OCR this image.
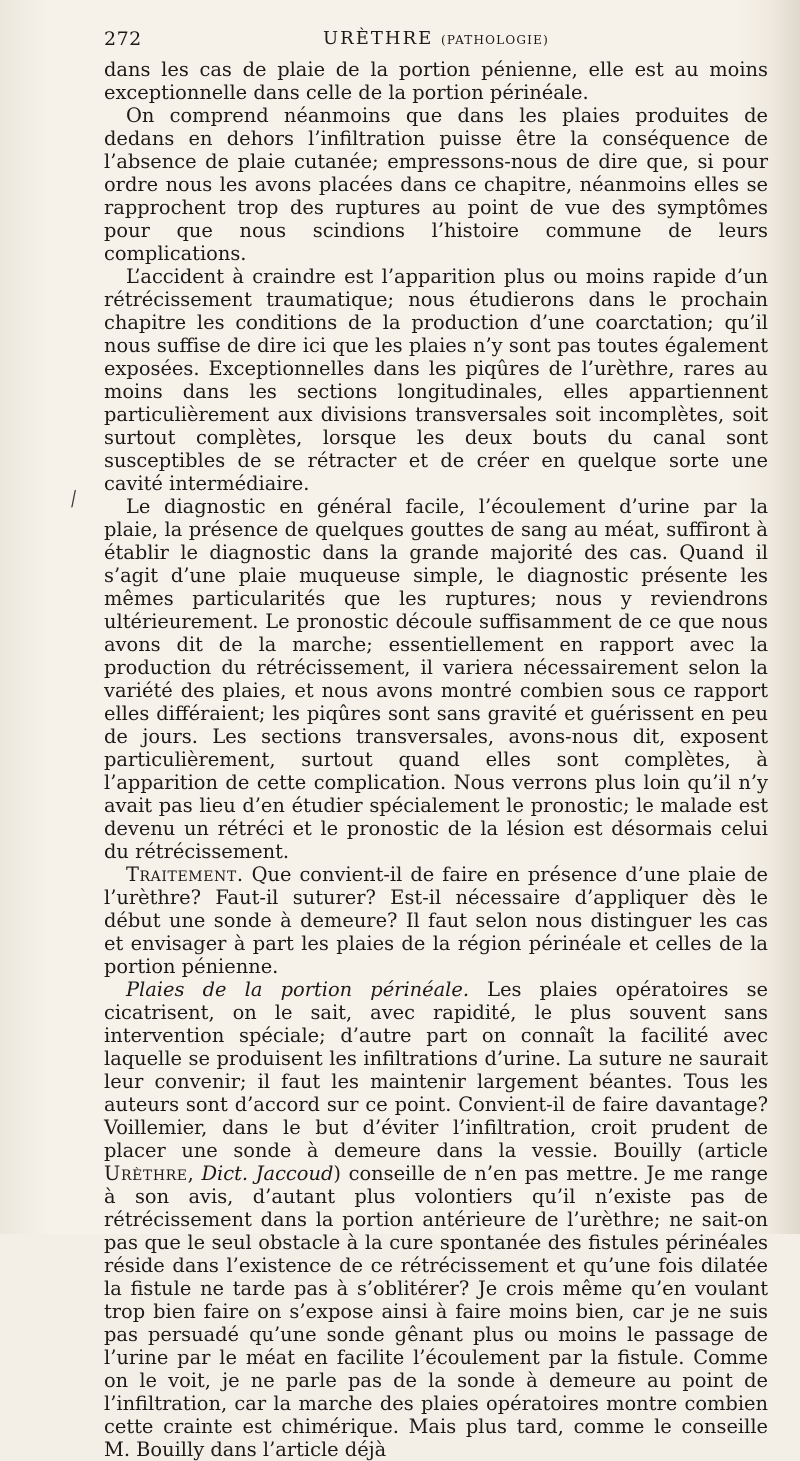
272	URÈTHRE (PATHOLOGIE)
⁄

dans les cas de plaie de la portion pénienne, elle est au moins exceptionnelle dans celle de la portion périnéale.

On comprend néanmoins que dans les plaies produites de dedans en dehors l’infiltration puisse être la conséquence de l’absence de plaie cutanée; empressons-nous de dire que, si pour ordre nous les avons placées dans ce chapitre, néanmoins elles se rapprochent trop des ruptures au point de vue des symptômes pour que nous scindions l’histoire commune de leurs complications.

L’accident à craindre est l’apparition plus ou moins rapide d’un rétrécissement traumatique; nous étudierons dans le prochain chapitre les conditions de la production d’une coarctation; qu’il nous suffise de dire ici que les plaies n’y sont pas toutes également exposées. Exceptionnelles dans les piqûres de l’urèthre, rares au moins dans les sections longitudinales, elles appartiennent particulièrement aux divisions transversales soit incomplètes, soit surtout complètes, lorsque les deux bouts du canal sont susceptibles de se rétracter et de créer en quelque sorte une cavité intermédiaire.

Le diagnostic en général facile, l’écoulement d’urine par la plaie, la présence de quelques gouttes de sang au méat, suffiront à établir le diagnostic dans la grande majorité des cas. Quand il s’agit d’une plaie muqueuse simple, le diagnostic présente les mêmes particularités que les ruptures; nous y reviendrons ultérieurement. Le pronostic découle suffisamment de ce que nous avons dit de la marche; essentiellement en rapport avec la production du rétrécissement, il variera nécessairement selon la variété des plaies, et nous avons montré combien sous ce rapport elles différaient; les piqûres sont sans gravité et guérissent en peu de jours. Les sections transversales, avons-nous dit, exposent particulièrement, surtout quand elles sont complètes, à l’apparition de cette complication. Nous verrons plus loin qu’il n’y avait pas lieu d’en étudier spécialement le pronostic; le malade est devenu un rétréci et le pronostic de la lésion est désormais celui du rétrécissement.

Traitement. Que convient-il de faire en présence d’une plaie de l’urèthre? Faut-il suturer? Est-il nécessaire d’appliquer dès le début une sonde à demeure? Il faut selon nous distinguer les cas et envisager à part les plaies de la région périnéale et celles de la portion pénienne.

Plaies de la portion périnéale. Les plaies opératoires se cicatrisent, on le sait, avec rapidité, le plus souvent sans intervention spéciale; d’autre part on connaît la facilité avec laquelle se produisent les infiltrations d’urine. La suture ne saurait leur convenir; il faut les maintenir largement béantes. Tous les auteurs sont d’accord sur ce point. Convient-il de faire davantage? Voillemier, dans le but d’éviter l’infiltration, croit prudent de placer une sonde à demeure dans la vessie. Bouilly (article Urèthre, Dict. Jaccoud) conseille de n’en pas mettre. Je me range à son avis, d’autant plus volontiers qu’il n’existe pas de rétrécissement dans la portion antérieure de l’urèthre; ne sait-on pas que le seul obstacle à la cure spontanée des fistules périnéales réside dans l’existence de ce rétrécissement et qu’une fois dilatée la fistule ne tarde pas à s’oblitérer? Je crois même qu’en voulant trop bien faire on s’expose ainsi à faire moins bien, car je ne suis pas persuadé qu’une sonde gênant plus ou moins le passage de l’urine par le méat en facilite l’écoulement par la fistule. Comme on le voit, je ne parle pas de la sonde à demeure au point de l’infiltration, car la marche des plaies opératoires montre combien cette crainte est chimérique. Mais plus tard, comme le conseille M. Bouilly dans l’article déjà
